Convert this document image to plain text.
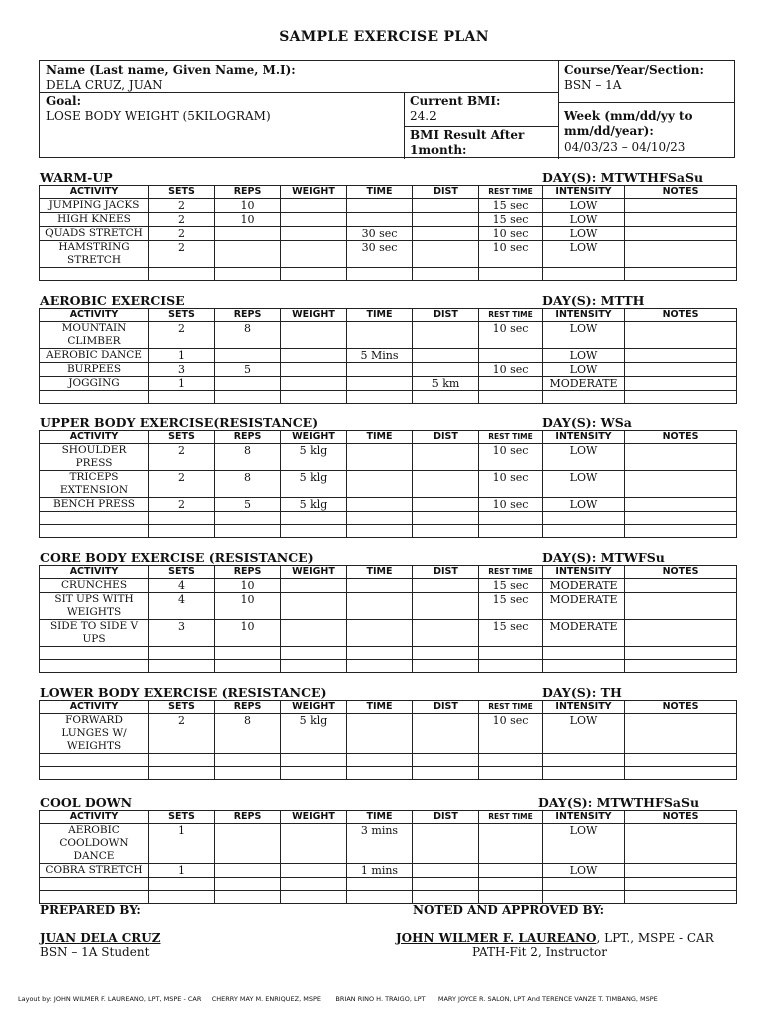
SAMPLE EXERCISE PLAN
Name (Last name, Given Name, M.I):
DELA CRUZ, JUAN
Course/Year/Section:
BSN – 1A
Goal:
LOSE BODY WEIGHT (5KILOGRAM)
Current BMI:
24.2
BMI Result After 1month:
Week (mm/dd/yy to mm/dd/year):
04/03/23 – 04/10/23
WARM-UP	DAY(S): MTWTHFSaSu
ACTIVITY	SETS	REPS	WEIGHT	TIME	DIST	REST TIME	INTENSITY	NOTES
JUMPING JACKS	2	10				15 sec	LOW	
HIGH KNEES	2	10				15 sec	LOW	
QUADS STRETCH	2			30 sec		10 sec	LOW	
HAMSTRING STRETCH	2			30 sec		10 sec	LOW	

AEROBIC EXERCISE	DAY(S): MTTH
ACTIVITY	SETS	REPS	WEIGHT	TIME	DIST	REST TIME	INTENSITY	NOTES
MOUNTAIN CLIMBER	2	8				10 sec	LOW	
AEROBIC DANCE	1			5 Mins			LOW	
BURPEES	3	5				10 sec	LOW	
JOGGING	1				5 km		MODERATE	

UPPER BODY EXERCISE(RESISTANCE)	DAY(S): WSa
ACTIVITY	SETS	REPS	WEIGHT	TIME	DIST	REST TIME	INTENSITY	NOTES
SHOULDER PRESS	2	8	5 klg			10 sec	LOW	
TRICEPS EXTENSION	2	8	5 klg			10 sec	LOW	
BENCH PRESS	2	5	5 klg			10 sec	LOW	

CORE BODY EXERCISE (RESISTANCE)	DAY(S): MTWFSu
ACTIVITY	SETS	REPS	WEIGHT	TIME	DIST	REST TIME	INTENSITY	NOTES
CRUNCHES	4	10				15 sec	MODERATE	
SIT UPS WITH WEIGHTS	4	10				15 sec	MODERATE	
SIDE TO SIDE V UPS	3	10				15 sec	MODERATE	

LOWER BODY EXERCISE (RESISTANCE)	DAY(S): TH
ACTIVITY	SETS	REPS	WEIGHT	TIME	DIST	REST TIME	INTENSITY	NOTES
FORWARD LUNGES W/ WEIGHTS	2	8	5 klg			10 sec	LOW	

COOL DOWN	DAY(S): MTWTHFSaSu
ACTIVITY	SETS	REPS	WEIGHT	TIME	DIST	REST TIME	INTENSITY	NOTES
AEROBIC COOLDOWN DANCE	1			3 mins			LOW	
COBRA STRETCH	1			1 mins			LOW	

PREPARED BY:
JUAN DELA CRUZ
BSN – 1A Student
NOTED AND APPROVED BY:
JOHN WILMER F. LAUREANO, LPT., MSPE - CAR
PATH-Fit 2, Instructor
Layout by: JOHN WILMER F. LAUREANO, LPT, MSPE - CAR     CHERRY MAY M. ENRIQUEZ, MSPE       BRIAN RINO H. TRAIGO, LPT      MARY JOYCE R. SALON, LPT And TERENCE VANZE T. TIMBANG, MSPE
